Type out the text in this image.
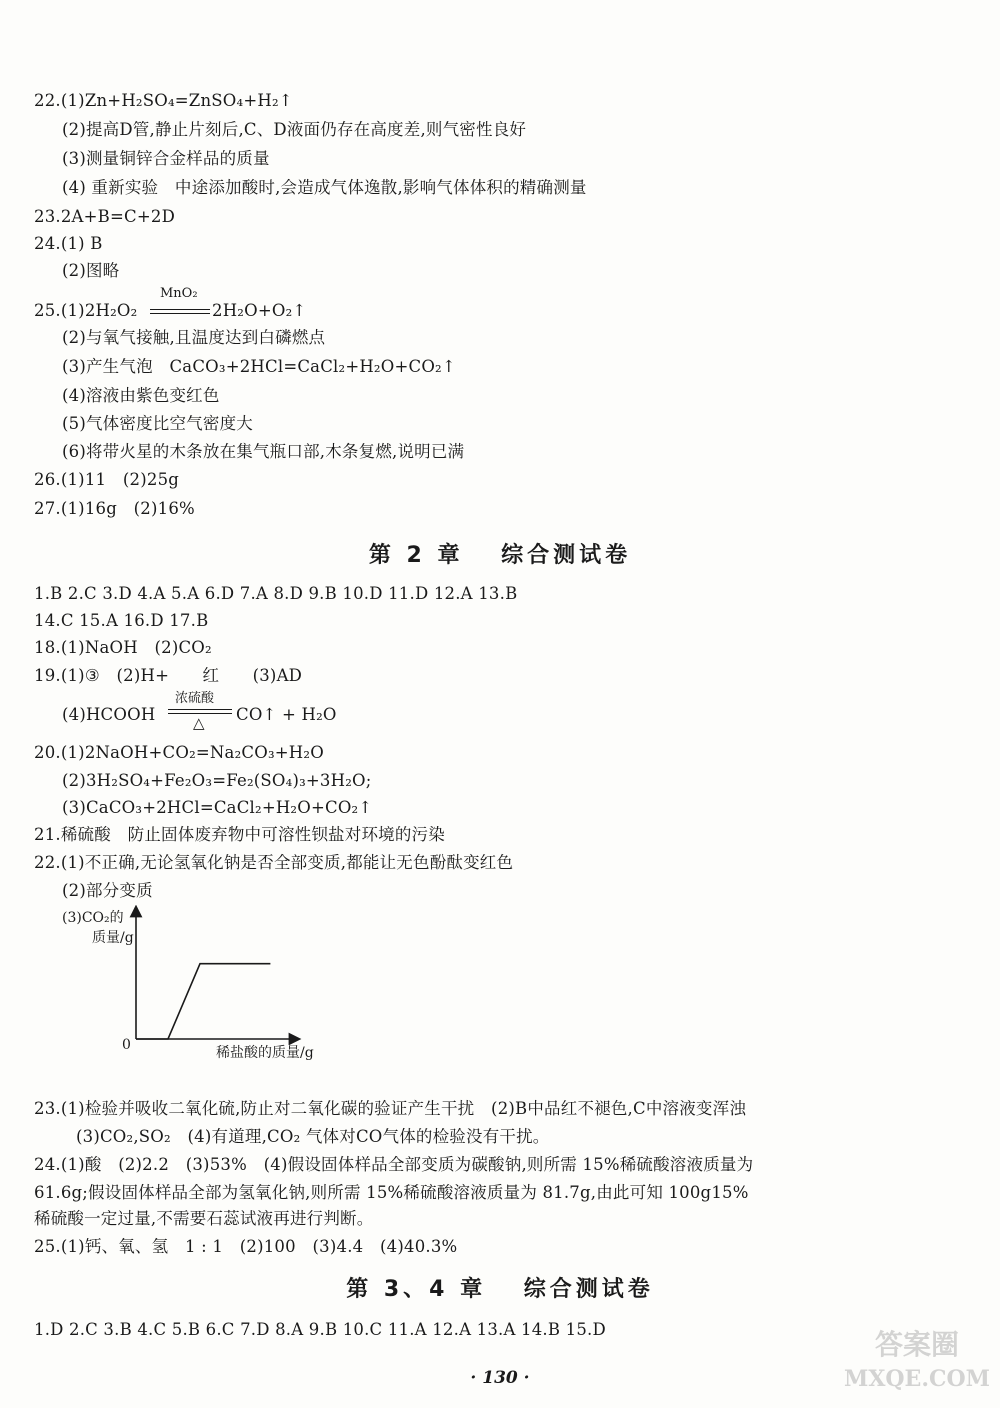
22.(1)Zn+H₂SO₄=ZnSO₄+H₂↑
(2)提高D管,静止片刻后,C、D液面仍存在高度差,则气密性良好
(3)测量铜锌合金样品的质量
(4) 重新实验　中途添加酸时,会造成气体逸散,影响气体体积的精确测量
23.2A+B=C+2D
24.(1) B
(2)图略
25.(1)2H₂O₂
MnO₂
2H₂O+O₂↑
(2)与氧气接触,且温度达到白磷燃点
(3)产生气泡　CaCO₃+2HCl=CaCl₂+H₂O+CO₂↑
(4)溶液由紫色变红色
(5)气体密度比空气密度大
(6)将带火星的木条放在集气瓶口部,木条复燃,说明已满
26.(1)11　(2)25g
27.(1)16g　(2)16%
第 2 章　 综合测试卷
1.B 2.C 3.D 4.A 5.A 6.D 7.A 8.D 9.B 10.D 11.D 12.A 13.B
14.C 15.A 16.D 17.B
18.(1)NaOH　(2)CO₂
19.(1)③　(2)H+　　红　　(3)AD
(4)HCOOH
浓硫酸
△ CO↑ + H₂O
20.(1)2NaOH+CO₂=Na₂CO₃+H₂O
(2)3H₂SO₄+Fe₂O₃=Fe₂(SO₄)₃+3H₂O;
(3)CaCO₃+2HCl=CaCl₂+H₂O+CO₂↑
21.稀硫酸　防止固体废弃物中可溶性钡盐对环境的污染
22.(1)不正确,无论氢氧化钠是否全部变质,都能让无色酚酞变红色
(2)部分变质
(3)CO₂的
质量/g
0	稀盐酸的质量/g
23.(1)检验并吸收二氧化硫,防止对二氧化碳的验证产生干扰　(2)B中品红不褪色,C中溶液变浑浊
(3)CO₂,SO₂　(4)有道理,CO₂ 气体对CO气体的检验没有干扰。
24.(1)酸　(2)2.2　(3)53%　(4)假设固体样品全部变质为碳酸钠,则所需 15%稀硫酸溶液质量为
61.6g;假设固体样品全部为氢氧化钠,则所需 15%稀硫酸溶液质量为 81.7g,由此可知 100g15%
稀硫酸一定过量,不需要石蕊试液再进行判断。
25.(1)钙、氧、氢　1 : 1　(2)100　(3)4.4　(4)40.3%
第 3、4 章　 综合测试卷
1.D 2.C 3.B 4.C 5.B 6.C 7.D 8.A 9.B 10.C 11.A 12.A 13.A 14.B 15.D
· 130 ·
答案圈
MXQE.COM
